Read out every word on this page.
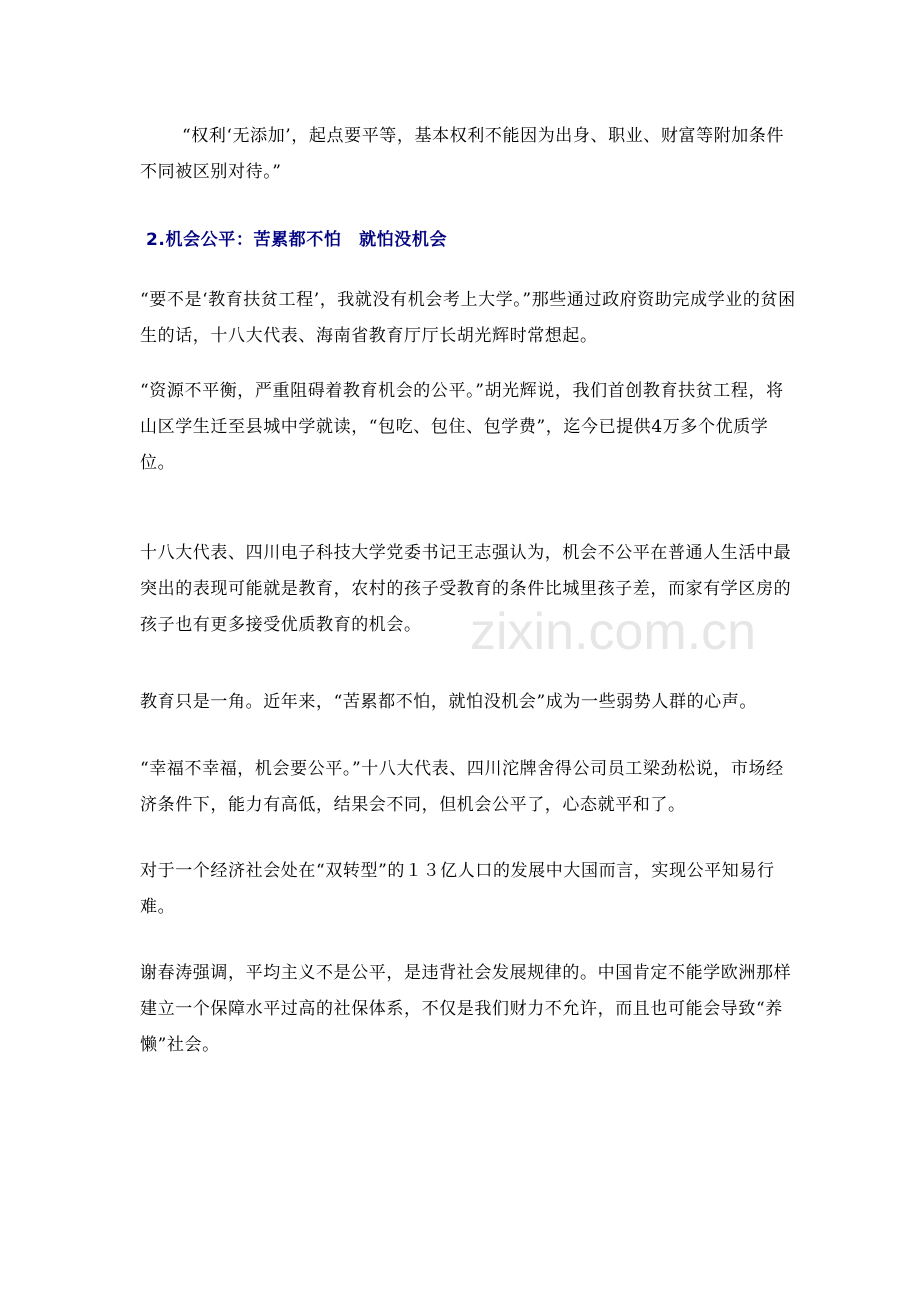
“权利‘无添加’，起点要平等，基本权利不能因为出身、职业、财富等附加条件不同被区别对待。”

2.机会公平：苦累都不怕　就怕没机会

“要不是‘教育扶贫工程’，我就没有机会考上大学。”那些通过政府资助完成学业的贫困生的话，十八大代表、海南省教育厅厅长胡光辉时常想起。

“资源不平衡，严重阻碍着教育机会的公平。”胡光辉说，我们首创教育扶贫工程，将山区学生迁至县城中学就读，“包吃、包住、包学费”，迄今已提供4万多个优质学位。

十八大代表、四川电子科技大学党委书记王志强认为，机会不公平在普通人生活中最突出的表现可能就是教育，农村的孩子受教育的条件比城里孩子差，而家有学区房的孩子也有更多接受优质教育的机会。

教育只是一角。近年来，“苦累都不怕，就怕没机会”成为一些弱势人群的心声。

“幸福不幸福，机会要公平。”十八大代表、四川沱牌舍得公司员工梁劲松说，市场经济条件下，能力有高低，结果会不同，但机会公平了，心态就平和了。

对于一个经济社会处在“双转型”的１３亿人口的发展中大国而言，实现公平知易行难。

谢春涛强调，平均主义不是公平，是违背社会发展规律的。中国肯定不能学欧洲那样建立一个保障水平过高的社保体系，不仅是我们财力不允许，而且也可能会导致“养懒”社会。

zixin.com.cn
